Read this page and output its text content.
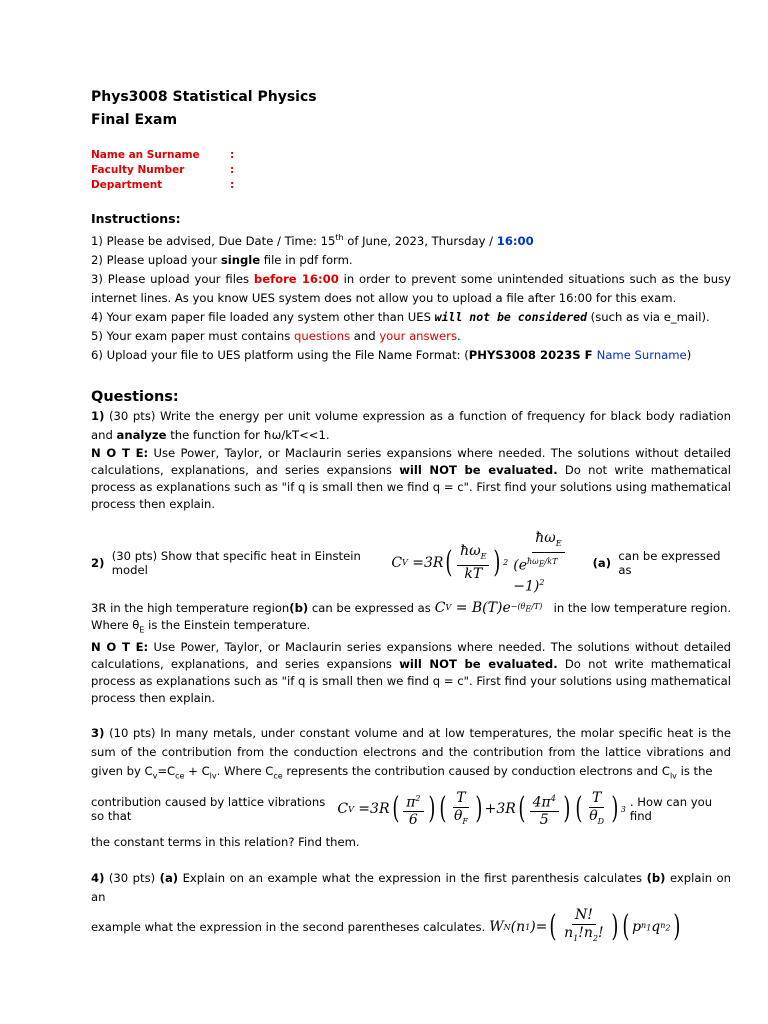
Phys3008 Statistical Physics
Final Exam
Name an Surname	:
Faculty Number	:
Department	:
Instructions:
1) Please be advised, Due Date / Time: 15th of June, 2023, Thursday / 16:00
2) Please upload your single file in pdf form.
3) Please upload your files before 16:00 in order to prevent some unintended situations such as the busy internet lines. As you know UES system does not allow you to upload a file after 16:00 for this exam.
4) Your exam paper file loaded any system other than UES will not be considered (such as via e_mail).
5) Your exam paper must contains questions and your answers.
6) Upload your file to UES platform using the File Name Format: (PHYS3008 2023S F Name Surname)
Questions:
1) (30 pts) Write the energy per unit volume expression as a function of frequency for black body radiation and analyze the function for ħω/kT<<1.
N O T E: Use Power, Taylor, or Maclaurin series expansions where needed. The solutions without detailed calculations, explanations, and series expansions will NOT be evaluated. Do not write mathematical process as explanations such as "if q is small then we find q = c". First find your solutions using mathematical process then explain.
2)
(30 pts) Show that specific heat in Einstein model	C V =3R ( $\frac{ħ\omega_E}{kT}$ ) $2 \frac{ħ\omega_E}{(e^{ħ\omega_E/kT} -1)^2} (a)$
can be expressed as
3R in the high temperature region (b)
can be expressed as C $V = B(T)e -(\theta_E/T)$ in the low temperature region.
Where $\theta_E$ is the Einstein temperature.
N O T E: Use Power, Taylor, or Maclaurin series expansions where needed. The solutions without detailed calculations, explanations, and series expansions will NOT be evaluated. Do not write mathematical process as explanations such as "if q is small then we find q = c". First find your solutions using mathematical process then explain.
3) (10 pts) In many metals, under constant volume and at low temperatures, the molar specific heat is the sum of the contribution from the conduction electrons and the contribution from the lattice vibrations and given by $C_v=C_{ce} + C_{lv}$. Where $C_{ce}$ represents the contribution caused by conduction electrons and $C_{lv}$ is the
contribution caused by lattice vibrations so that	C V =3R ( $\frac{\pi^2}{6}$ ) ( $\frac{T}{\theta_F}$ ) +3R ( $\frac{4\pi^4}{5}$ ) ( $\frac{T}{\theta_D}$ ) 3 . How can you find
the constant terms in this relation? Find them.
4) (30 pts) (a) Explain on an example what the expression in the first parenthesis calculates (b) explain on an
example what the expression in the second parentheses calculates. W N (n 1 )= ( $\frac{N!}{n_1!n_2!}$ ) ( p $n_1$ q $n_2$ )
